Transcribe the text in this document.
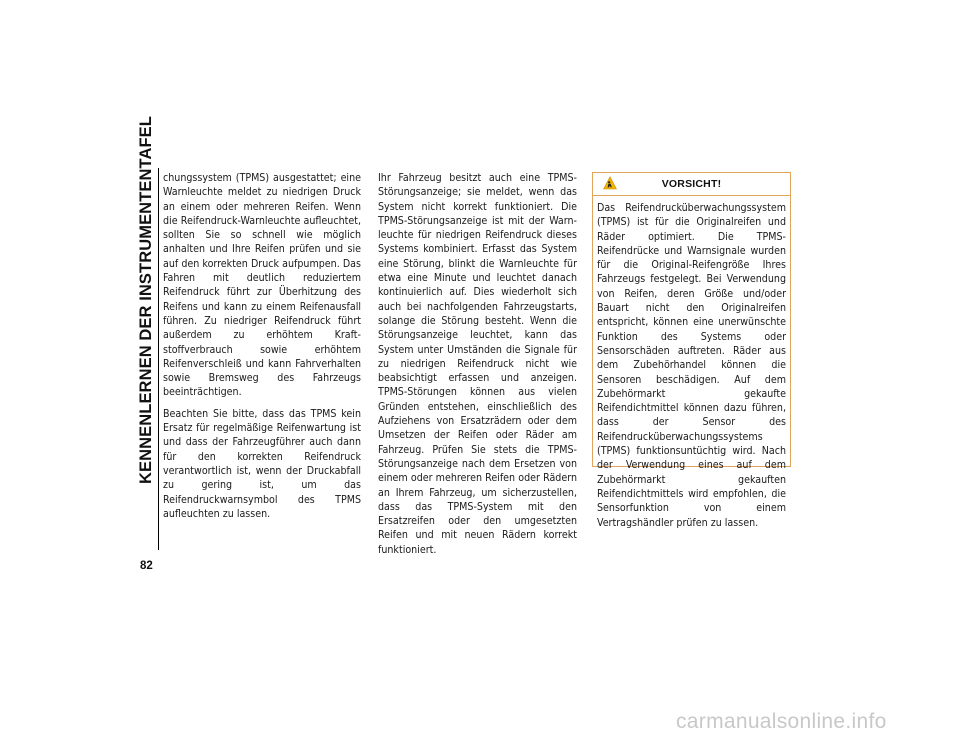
KENNENLERNEN DER INSTRUMENTENTAFEL
82

chungssystem (TPMS) ausgestattet; eine Warnleuchte meldet zu niedrigen Druck an einem oder mehreren Reifen. Wenn die Reifendruck-Warnleuchte aufleuchtet, sollten Sie so schnell wie möglich anhalten und Ihre Reifen prüfen und sie auf den korrekten Druck aufpumpen. Das Fahren mit deutlich reduziertem Reifendruck führt zur Überhitzung des Reifens und kann zu einem Reifenausfall führen. Zu niedriger Reifendruck führt außerdem zu erhöhtem Kraftstoffverbrauch sowie erhöhtem Reifenverschleiß und kann Fahrverhalten sowie Bremsweg des Fahrzeugs beeinträchtigen.

Beachten Sie bitte, dass das TPMS kein Ersatz für regelmäßige Reifenwartung ist und dass der Fahrzeugführer auch dann für den korrekten Reifendruck verantwortlich ist, wenn der Druckabfall zu gering ist, um das Reifendruckwarnsymbol des TPMS aufleuchten zu lassen.

Ihr Fahrzeug besitzt auch eine TPMS-Störungsanzeige; sie meldet, wenn das System nicht korrekt funktioniert. Die TPMS-Störungsanzeige ist mit der Warnleuchte für niedrigen Reifendruck dieses Systems kombiniert. Erfasst das System eine Störung, blinkt die Warnleuchte für etwa eine Minute und leuchtet danach kontinuierlich auf. Dies wiederholt sich auch bei nachfolgenden Fahrzeugstarts, solange die Störung besteht. Wenn die Störungsanzeige leuchtet, kann das System unter Umständen die Signale für zu niedrigen Reifendruck nicht wie beabsichtigt erfassen und anzeigen. TPMS-Störungen können aus vielen Gründen entstehen, einschließlich des Aufziehens von Ersatzrädern oder dem Umsetzen der Reifen oder Räder am Fahrzeug. Prüfen Sie stets die TPMS-Störungsanzeige nach dem Ersetzen von einem oder mehreren Reifen oder Rädern an Ihrem Fahrzeug, um sicherzustellen, dass das TPMS-System mit den Ersatzreifen oder den umgesetzten Reifen und mit neuen Rädern korrekt funktioniert.

VORSICHT!
Das Reifendrucküberwachungssystem (TPMS) ist für die Originalreifen und Räder optimiert. Die TPMS-Reifendrücke und Warnsignale wurden für die Original-Reifengröße Ihres Fahrzeugs festgelegt. Bei Verwendung von Reifen, deren Größe und/oder Bauart nicht den Originalreifen entspricht, können eine unerwünschte Funktion des Systems oder Sensorschäden auftreten. Räder aus dem Zubehörhandel können die Sensoren beschädigen. Auf dem Zubehörmarkt gekaufte Reifendichtmittel können dazu führen, dass der Sensor des Reifendrucküberwachungssystems (TPMS) funktionsuntüchtig wird. Nach der Verwendung eines auf dem Zubehörmarkt gekauften Reifendichtmittels wird empfohlen, die Sensorfunktion von einem Vertragshändler prüfen zu lassen.
carmanualsonline.info
